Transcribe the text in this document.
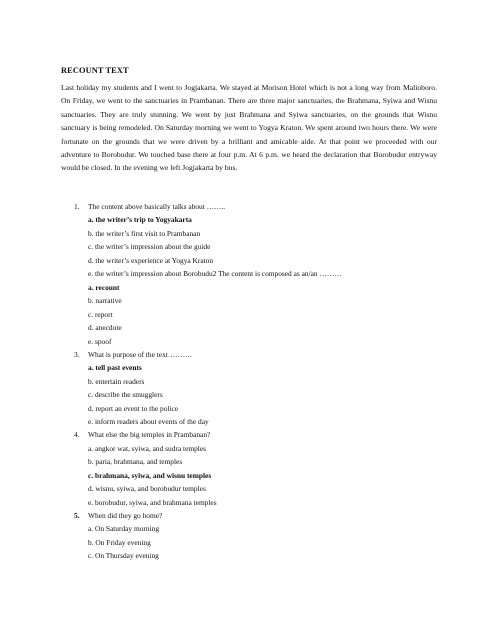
RECOUNT TEXT

Last holiday my students and I went to Jogjakarta. We stayed at Morison Hotel which is not a long way from Malioboro. On Friday, we went to the sanctuaries in Prambanan. There are three major sanctuaries, the Brahmana, Syiwa and Wisnu sanctuaries. They are truly stunning. We went by just Brahmana and Syiwa sanctuaries, on the grounds that Wisnu sanctuary is being remodeled. On Saturday morning we went to Yogya Kraton. We spent around two hours there. We were fortunate on the grounds that we were driven by a brilliant and amicable aide. At that point we proceeded with our adventure to Borobudur. We touched base there at four p.m. At 6 p.m. we heard the declaration that Borobudur entryway would be closed. In the evening we left Jogjakarta by bus.

1. The content above basically talks about ……..
a. the writer’s trip to Yogyakarta
b. the writer’s first visit to Prambanan
c. the writer’s impression about the guide
d. the writer’s experience at Yogya Kraton
e. the writer’s impression about Borobudu2 The content is composed as an/an ………
a. recount
b. narrative
c. report
d. anecdote
e. spoof
3. What is purpose of the text……….
a. tell past events
b. entertain readers
c. describe the smugglers
d. report an event to the police
e. inform readers about events of the day
4. What else the big temples in Prambanan?
a. angkor wat, syiwa, and sudra temples
b. paria, brahmana, and temples
c. brahmana, syiwa, and wisnu temples
d. wisnu, syiwa, and borobudur temples
e. borobudur, syiwa, and brahmana temples
5. When did they go home?
a. On Saturday morning
b. On Friday evening
c. On Thursday evening
